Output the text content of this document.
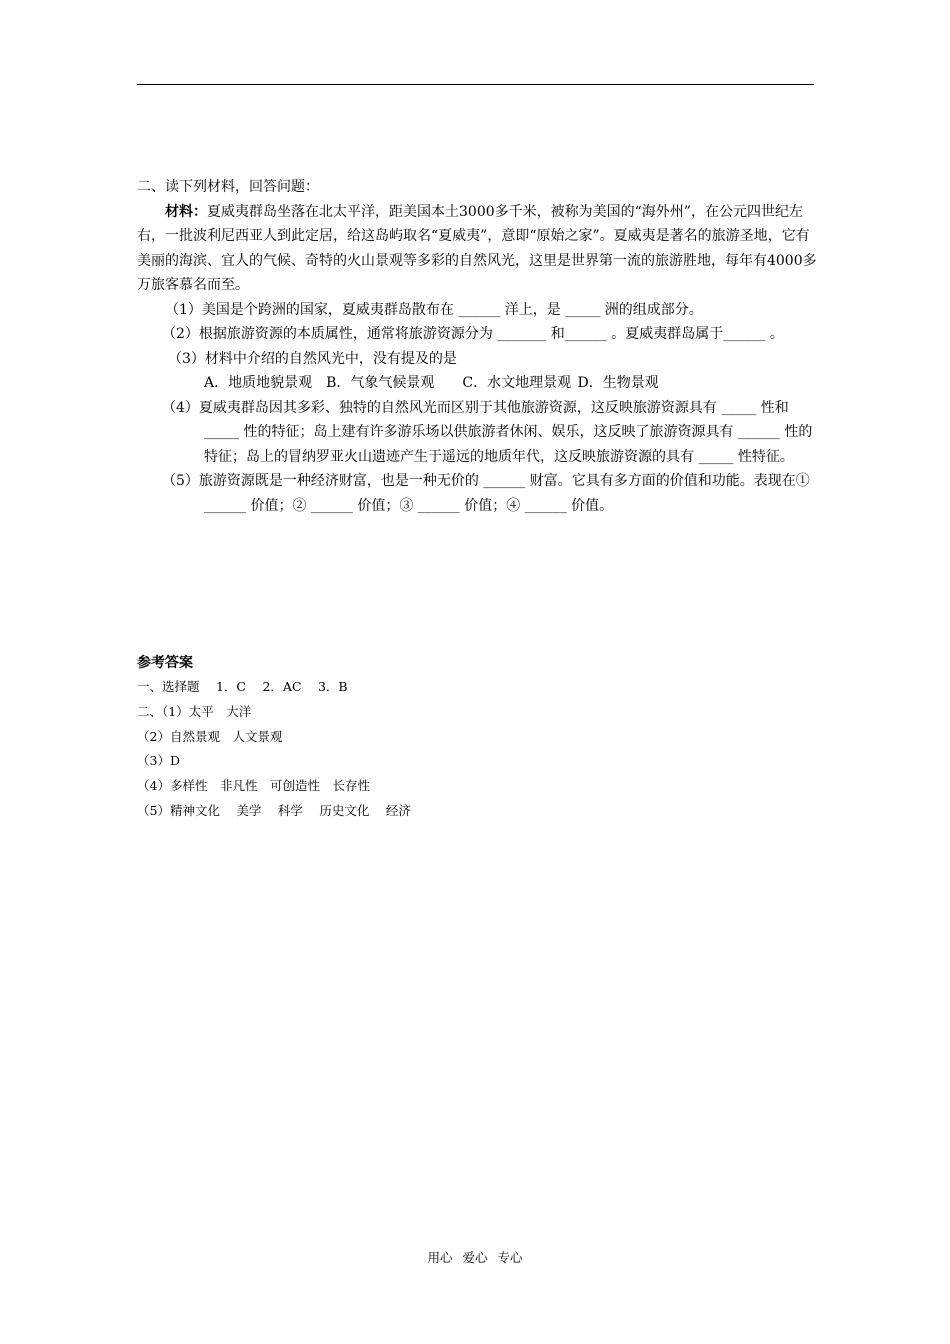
二、读下列材料，回答问题：

材料：夏威夷群岛坐落在北太平洋，距美国本土3000多千米，被称为美国的“海外州”，在公元四世纪左右，一批波利尼西亚人到此定居，给这岛屿取名“夏威夷”，意即“原始之家”。夏威夷是著名的旅游圣地，它有美丽的海滨、宜人的气候、奇特的火山景观等多彩的自然风光，这里是世界第一流的旅游胜地，每年有4000多万旅客慕名而至。

（1）美国是个跨洲的国家，夏威夷群岛散布在 ______ 洋上，是 _____ 洲的组成部分。

（2）根据旅游资源的本质属性，通常将旅游资源分为 _______ 和______ 。夏威夷群岛属于______ 。

（3）材料中介绍的自然风光中，没有提及的是

A．地质地貌景观　B．气象气候景观　　C．水文地理景观 D．生物景观

（4）夏威夷群岛因其多彩、独特的自然风光而区别于其他旅游资源，这反映旅游资源具有 _____ 性和 _____ 性的特征；岛上建有许多游乐场以供旅游者休闲、娱乐，这反映了旅游资源具有 ______ 性的特征；岛上的冒纳罗亚火山遗迹产生于遥远的地质年代，这反映旅游资源的具有 _____ 性特征。

（5）旅游资源既是一种经济财富，也是一种无价的 ______ 财富。它具有多方面的价值和功能。表现在① ______ 价值；② ______ 价值；③ ______ 价值；④ ______ 价值。

参考答案

一、选择题　 1．C　 2．AC　 3．B

二、（1）太平　大洋

（2）自然景观　人文景观

（3）D

（4）多样性　非凡性　可创造性　长存性

（5）精神文化　 美学　 科学　 历史文化　 经济

用心 爱心 专心
